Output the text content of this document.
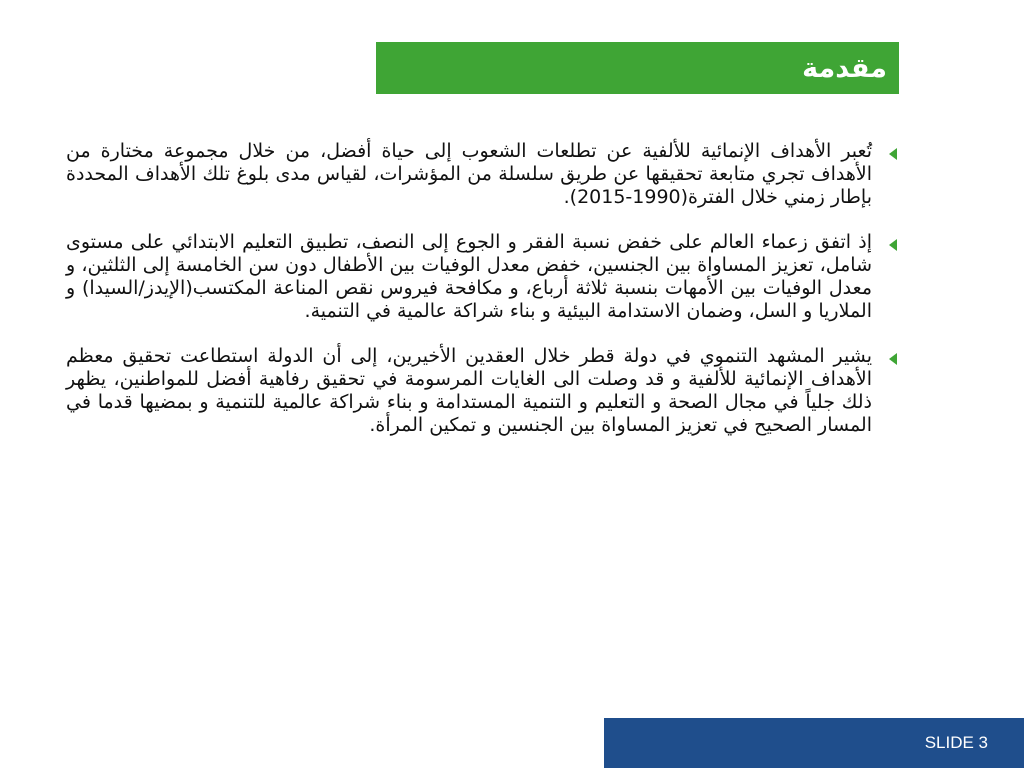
مقدمة
تُعبر الأهداف الإنمائية للألفية عن تطلعات الشعوب إلى حياة أفضل، من خلال مجموعة مختارة من الأهداف تجري متابعة تحقيقها عن طريق سلسلة من المؤشرات، لقياس مدى بلوغ تلك الأهداف المحددة بإطار زمني خلال الفترة(1990-2015).
إذ اتفق زعماء العالم على خفض نسبة الفقر و الجوع إلى النصف، تطبيق التعليم الابتدائي على مستوى شامل، تعزيز المساواة بين الجنسين، خفض معدل الوفيات بين الأطفال دون سن الخامسة إلى الثلثين، و معدل الوفيات بين الأمهات بنسبة ثلاثة أرباع، و مكافحة فيروس نقص المناعة المكتسب(الإيدز/السيدا) و الملاريا و السل، وضمان الاستدامة البيئية و بناء شراكة عالمية في التنمية.
يشير المشهد التنموي في دولة قطر خلال العقدين الأخيرين، إلى أن الدولة استطاعت تحقيق معظم الأهداف الإنمائية للألفية و قد وصلت الى الغايات المرسومة في تحقيق رفاهية أفضل للمواطنين، يظهر ذلك جلياً في مجال الصحة و التعليم و التنمية المستدامة و بناء شراكة عالمية للتنمية و بمضيها قدما في المسار الصحيح في تعزيز المساواة بين الجنسين و تمكين المرأة.
SLIDE 3
